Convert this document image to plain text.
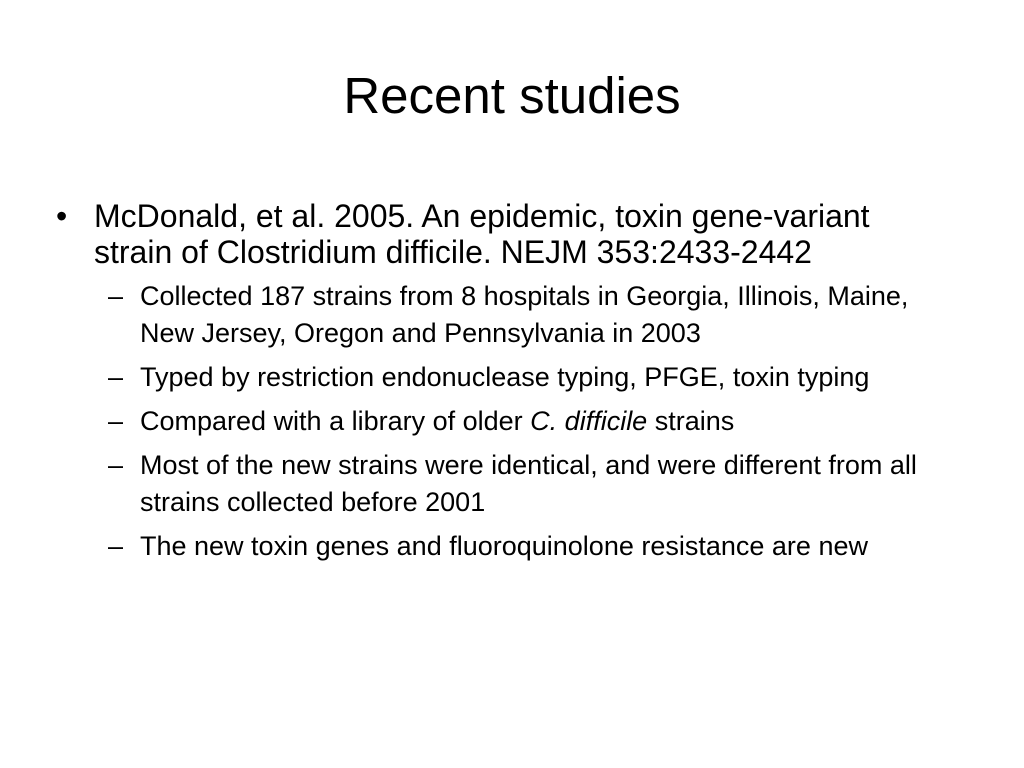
Recent studies
• McDonald, et al. 2005. An epidemic, toxin gene-variant strain of Clostridium difficile. NEJM 353:2433-2442
– Collected 187 strains from 8 hospitals in Georgia, Illinois, Maine, New Jersey, Oregon and Pennsylvania in 2003
– Typed by restriction endonuclease typing, PFGE, toxin typing
– Compared with a library of older C. difficile strains
– Most of the new strains were identical, and were different from all strains collected before 2001
– The new toxin genes and fluoroquinolone resistance are new
